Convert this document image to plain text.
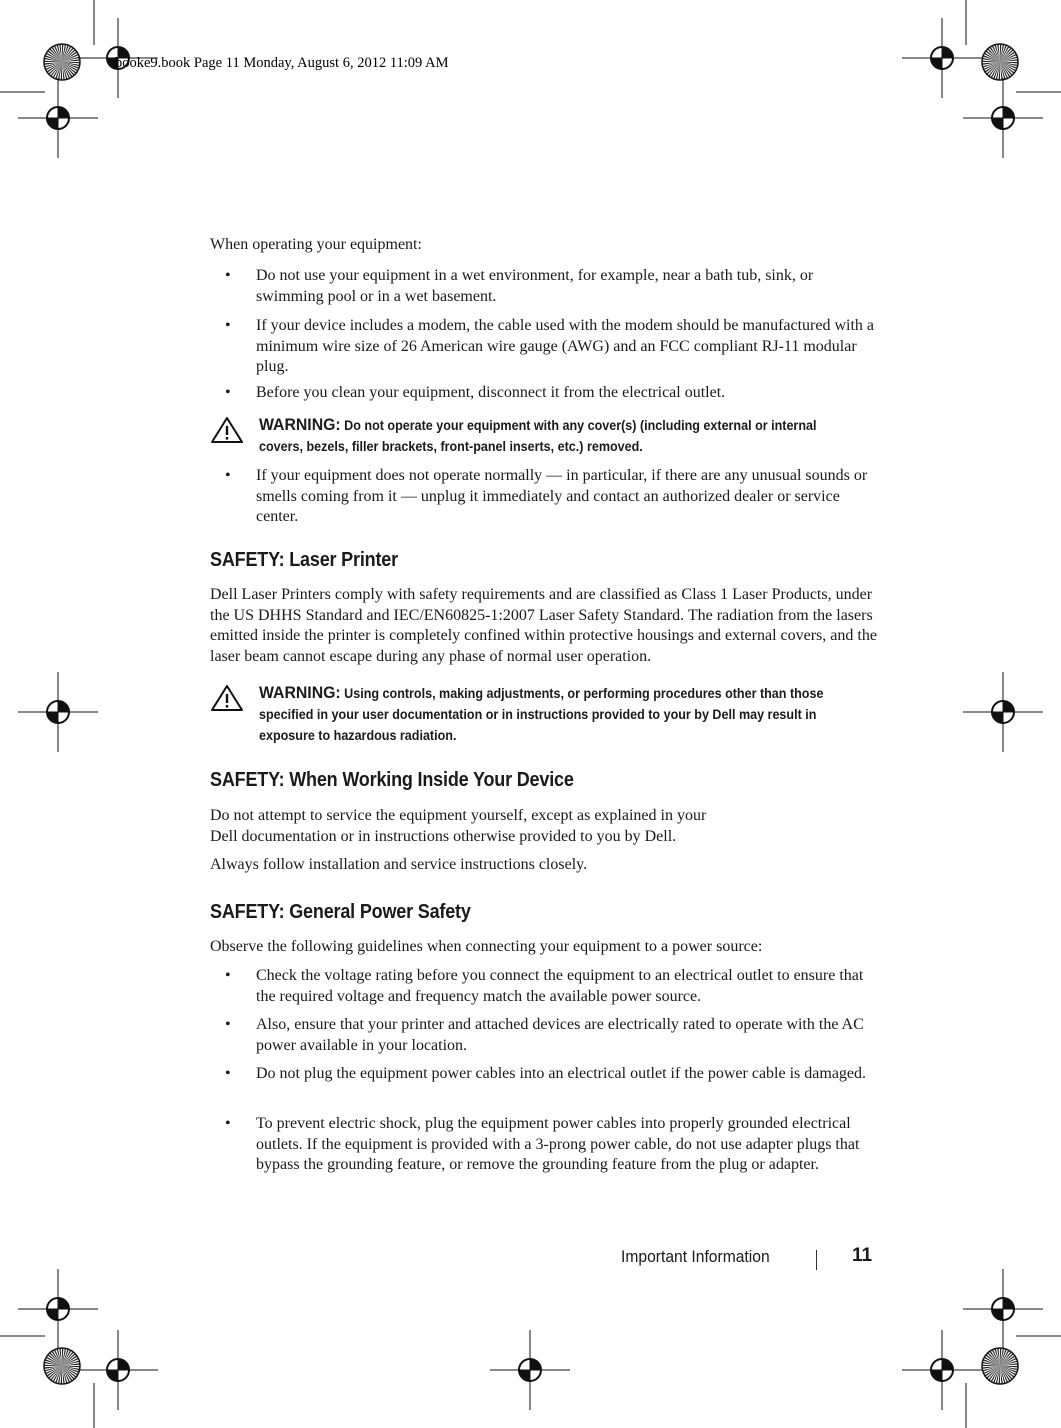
booke9.book Page 11 Monday, August 6, 2012 11:09 AM

When operating your equipment:

• Do not use your equipment in a wet environment, for example, near a bath tub, sink, or swimming pool or in a wet basement.
• If your device includes a modem, the cable used with the modem should be manufactured with a minimum wire size of 26 American wire gauge (AWG) and an FCC compliant RJ-11 modular plug.
• Before you clean your equipment, disconnect it from the electrical outlet.
WARNING: Do not operate your equipment with any cover(s) (including external or internal covers, bezels, filler brackets, front-panel inserts, etc.) removed.
• If your equipment does not operate normally — in particular, if there are any unusual sounds or smells coming from it — unplug it immediately and contact an authorized dealer or service center.
SAFETY: Laser Printer

Dell Laser Printers comply with safety requirements and are classified as Class 1 Laser Products, under the US DHHS Standard and IEC/EN60825-1:2007 Laser Safety Standard. The radiation from the lasers emitted inside the printer is completely confined within protective housings and external covers, and the laser beam cannot escape during any phase of normal user operation.

WARNING: Using controls, making adjustments, or performing procedures other than those specified in your user documentation or in instructions provided to your by Dell may result in exposure to hazardous radiation.
SAFETY: When Working Inside Your Device

Do not attempt to service the equipment yourself, except as explained in your
Dell documentation or in instructions otherwise provided to you by Dell.

Always follow installation and service instructions closely.

SAFETY: General Power Safety

Observe the following guidelines when connecting your equipment to a power source:

• Check the voltage rating before you connect the equipment to an electrical outlet to ensure that the required voltage and frequency match the available power source.
• Also, ensure that your printer and attached devices are electrically rated to operate with the AC power available in your location.
• Do not plug the equipment power cables into an electrical outlet if the power cable is damaged.
• To prevent electric shock, plug the equipment power cables into properly grounded electrical outlets. If the equipment is provided with a 3-prong power cable, do not use adapter plugs that bypass the grounding feature, or remove the grounding feature from the plug or adapter.
Important Information	11
